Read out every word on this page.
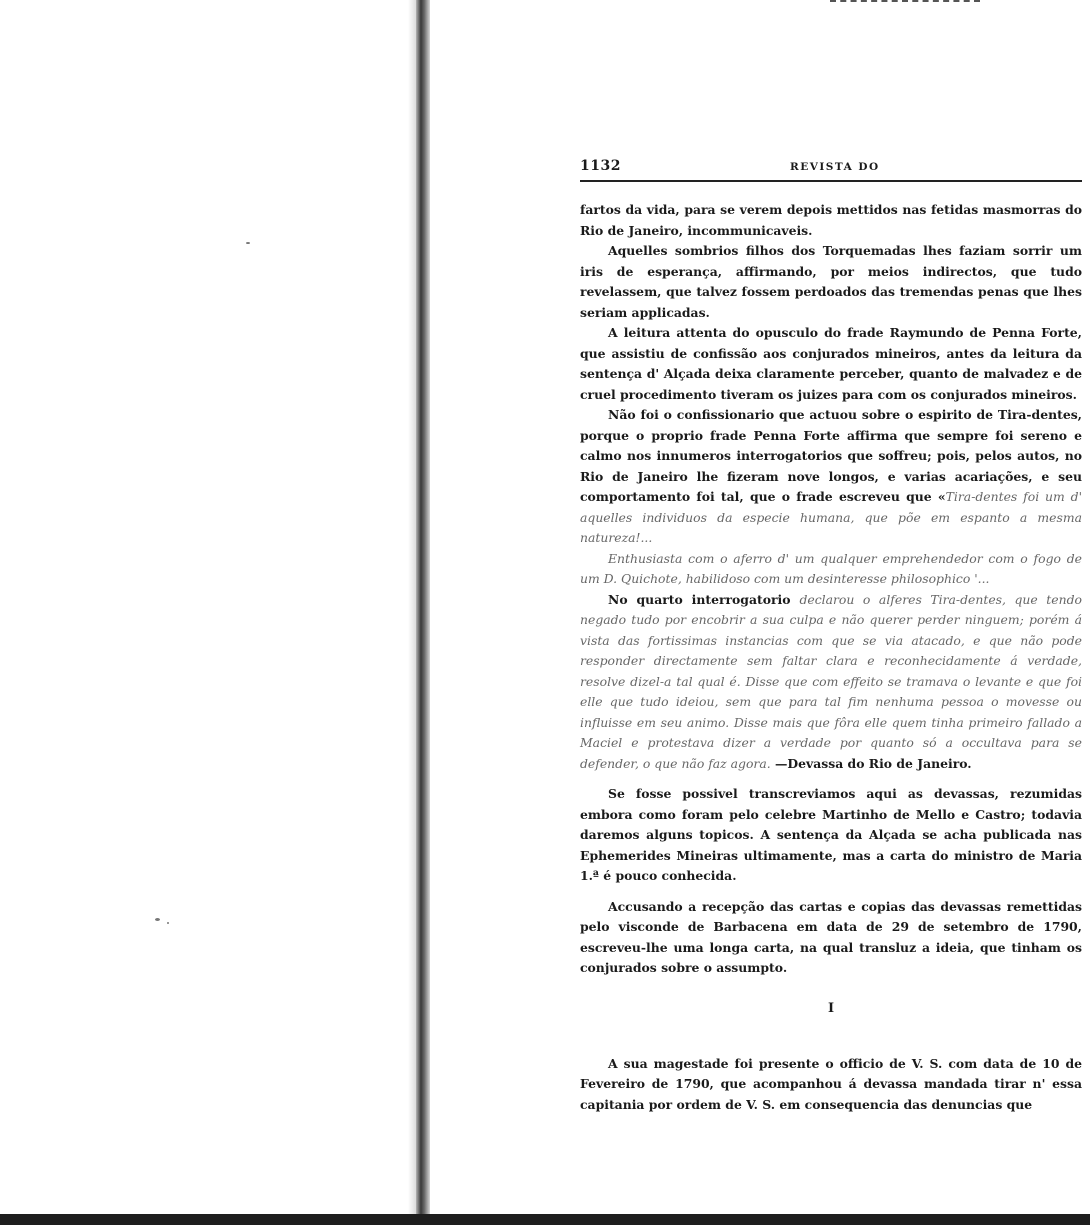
1132	REVISTA DO

fartos da vida, para se verem depois mettidos nas fetidas masmorras do Rio de Janeiro, incommunicaveis.

Aquelles sombrios filhos dos Torquemadas lhes faziam sorrir um iris de esperança, affirmando, por meios indirectos, que tudo revelassem, que talvez fossem perdoados das tremendas penas que lhes seriam applicadas.

A leitura attenta do opusculo do frade Raymundo de Penna Forte, que assistiu de confissão aos conjurados mineiros, antes da leitura da sentença d' Alçada deixa claramente perceber, quanto de malvadez e de cruel procedimento tiveram os juizes para com os conjurados mineiros.

Não foi o confissionario que actuou sobre o espirito de Tira-dentes, porque o proprio frade Penna Forte affirma que sempre foi sereno e calmo nos innumeros interrogatorios que soffreu; pois, pelos autos, no Rio de Janeiro lhe fizeram nove longos, e varias acariações, e seu comportamento foi tal, que o frade escreveu que «Tira-dentes foi um d' aquelles individuos da especie humana, que põe em espanto a mesma natureza!...

Enthusiasta com o aferro d' um qualquer emprehendedor com o fogo de um D. Quichote, habilidoso com um desinteresse philosophico '...

No quarto interrogatorio declarou o alferes Tira-dentes, que tendo negado tudo por encobrir a sua culpa e não querer perder ninguem; porém á vista das fortissimas instancias com que se via atacado, e que não pode responder directamente sem faltar clara e reconhecidamente á verdade, resolve dizel-a tal qual é. Disse que com effeito se tramava o levante e que foi elle que tudo ideiou, sem que para tal fim nenhuma pessoa o movesse ou influisse em seu animo. Disse mais que fôra elle quem tinha primeiro fallado a Maciel e protestava dizer a verdade por quanto só a occultava para se defender, o que não faz agora. —Devassa do Rio de Janeiro.

Se fosse possivel transcreviamos aqui as devassas, rezumidas embora como foram pelo celebre Martinho de Mello e Castro; todavia daremos alguns topicos. A sentença da Alçada se acha publicada nas Ephemerides Mineiras ultimamente, mas a carta do ministro de Maria 1.ª é pouco conhecida.

Accusando a recepção das cartas e copias das devassas remettidas pelo visconde de Barbacena em data de 29 de setembro de 1790, escreveu-lhe uma longa carta, na qual transluz a ideia, que tinham os conjurados sobre o assumpto.

I

A sua magestade foi presente o officio de V. S. com data de 10 de Fevereiro de 1790, que acompanhou á devassa mandada tirar n' essa capitania por ordem de V. S. em consequencia das denuncias que
